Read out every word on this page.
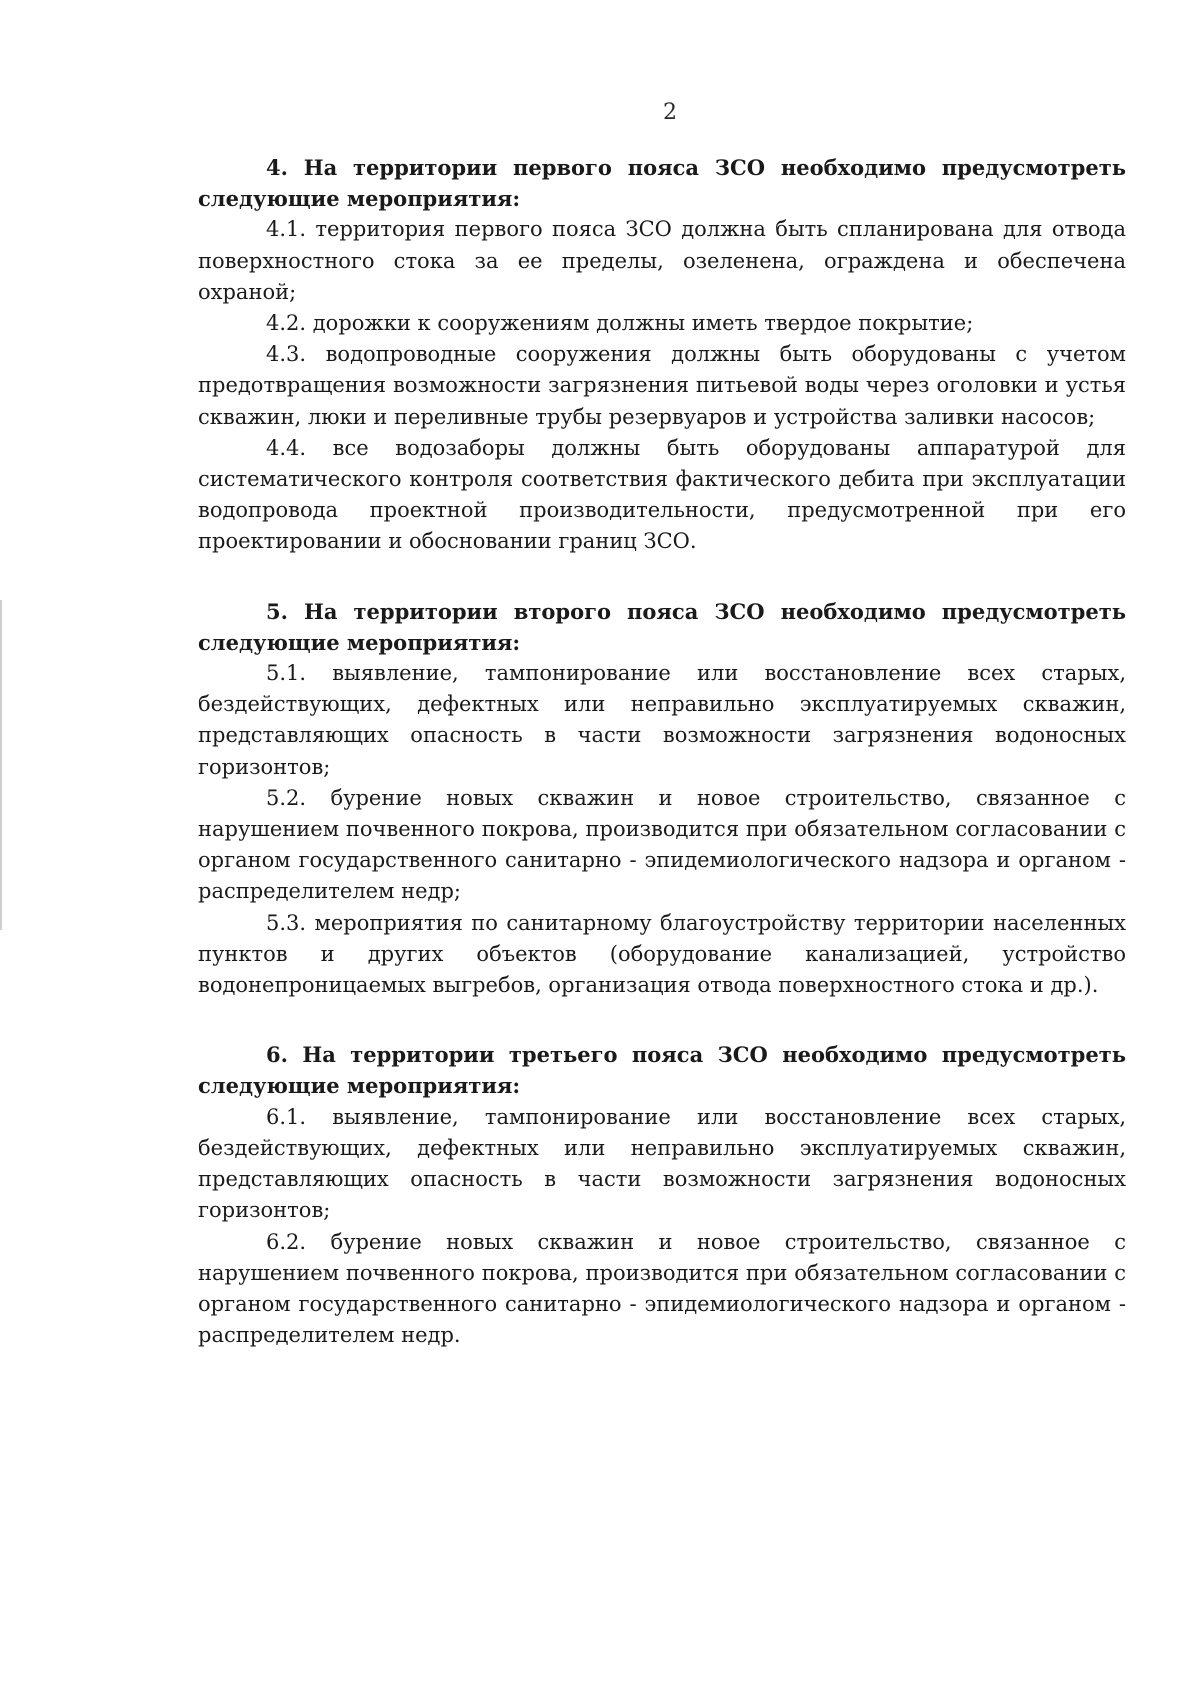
2

4. На территории первого пояса ЗСО необходимо предусмотреть следующие мероприятия:

4.1. территория первого пояса ЗСО должна быть спланирована для отвода поверхностного стока за ее пределы, озеленена, ограждена и обеспечена охраной;

4.2. дорожки к сооружениям должны иметь твердое покрытие;

4.3. водопроводные сооружения должны быть оборудованы с учетом предотвращения возможности загрязнения питьевой воды через оголовки и устья скважин, люки и переливные трубы резервуаров и устройства заливки насосов;

4.4. все водозаборы должны быть оборудованы аппаратурой для систематического контроля соответствия фактического дебита при эксплуатации водопровода проектной производительности, предусмотренной при его проектировании и обосновании границ ЗСО.

5. На территории второго пояса ЗСО необходимо предусмотреть следующие мероприятия:

5.1. выявление, тампонирование или восстановление всех старых, бездействующих, дефектных или неправильно эксплуатируемых скважин, представляющих опасность в части возможности загрязнения водоносных горизонтов;

5.2. бурение новых скважин и новое строительство, связанное с нарушением почвенного покрова, производится при обязательном согласовании с органом государственного санитарно - эпидемиологического надзора и органом - распределителем недр;

5.3. мероприятия по санитарному благоустройству территории населенных пунктов и других объектов (оборудование канализацией, устройство водонепроницаемых выгребов, организация отвода поверхностного стока и др.).

6. На территории третьего пояса ЗСО необходимо предусмотреть следующие мероприятия:

6.1. выявление, тампонирование или восстановление всех старых, бездействующих, дефектных или неправильно эксплуатируемых скважин, представляющих опасность в части возможности загрязнения водоносных горизонтов;

6.2. бурение новых скважин и новое строительство, связанное с нарушением почвенного покрова, производится при обязательном согласовании с органом государственного санитарно - эпидемиологического надзора и органом - распределителем недр.
